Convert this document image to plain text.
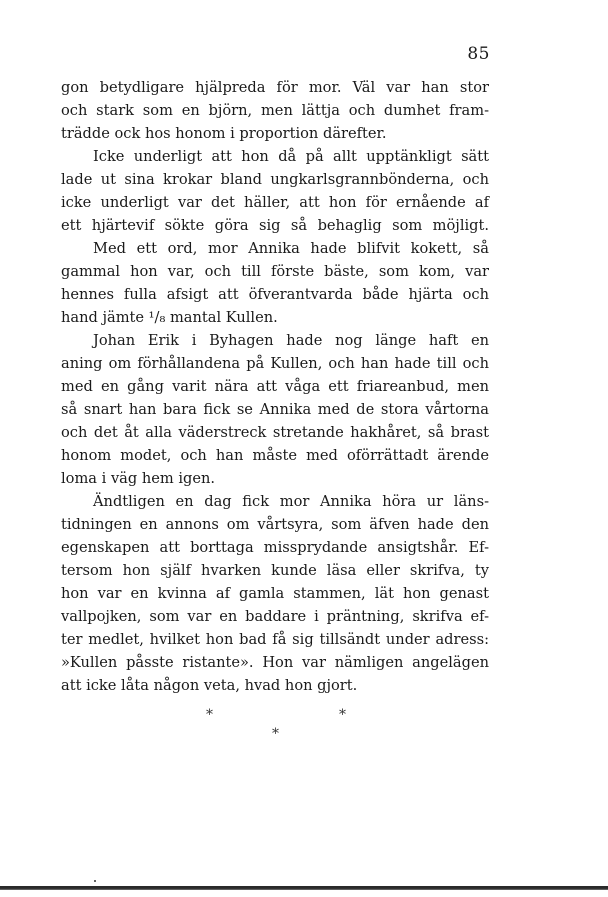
85
gon betydligare hjälpreda för mor. Väl var han stor
och stark som en björn, men lättja och dumhet fram-
trädde ock hos honom i proportion därefter.
Icke underligt att hon då på allt upptänkligt sätt
lade ut sina krokar bland ungkarlsgrannbönderna, och
icke underligt var det häller, att hon för ernående af
ett hjärtevif sökte göra sig så behaglig som möjligt.
Med ett ord, mor Annika hade blifvit kokett, så
gammal hon var, och till förste bäste, som kom, var
hennes fulla afsigt att öfverantvarda både hjärta och
hand jämte ¹/₈ mantal Kullen.
Johan Erik i Byhagen hade nog länge haft en
aning om förhållandena på Kullen, och han hade till och
med en gång varit nära att våga ett friareanbud, men
så snart han bara fick se Annika med de stora vårtorna
och det åt alla väderstreck stretande hakhåret, så brast
honom modet, och han måste med oförrättadt ärende
loma i väg hem igen.
Ändtligen en dag fick mor Annika höra ur läns-
tidningen en annons om vårtsyra, som äfven hade den
egenskapen att borttaga missprydande ansigtshår. Ef-
tersom hon själf hvarken kunde läsa eller skrifva, ty
hon var en kvinna af gamla stammen, lät hon genast
vallpojken, som var en baddare i präntning, skrifva ef-
ter medlet, hvilket hon bad få sig tillsändt under adress:
»Kullen påsste ristante». Hon var nämligen angelägen
att icke låta någon veta, hvad hon gjort.
*	*
*
